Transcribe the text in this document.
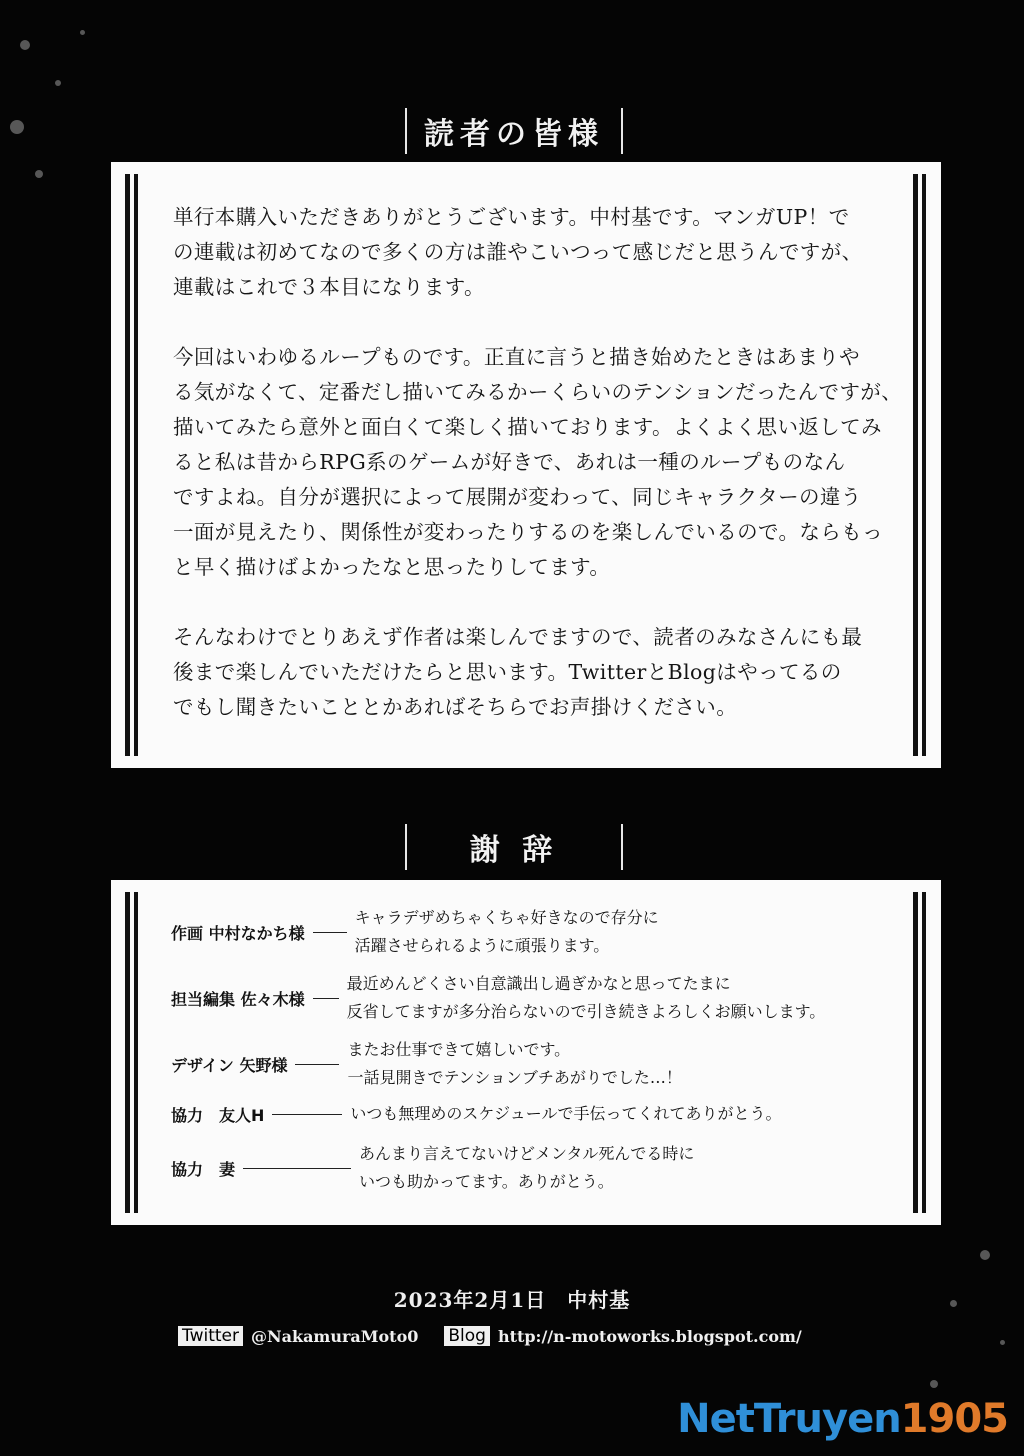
読者の皆様

単行本購入いただきありがとうございます。中村基です。マンガUP！で

の連載は初めてなので多くの方は誰やこいつって感じだと思うんですが、

連載はこれで３本目になります。

今回はいわゆるループものです。正直に言うと描き始めたときはあまりや

る気がなくて、定番だし描いてみるかーくらいのテンションだったんですが、

描いてみたら意外と面白くて楽しく描いております。よくよく思い返してみ

ると私は昔からRPG系のゲームが好きで、あれは一種のループものなん

ですよね。自分が選択によって展開が変わって、同じキャラクターの違う

一面が見えたり、関係性が変わったりするのを楽しんでいるので。ならもっ

と早く描けばよかったなと思ったりしてます。

そんなわけでとりあえず作者は楽しんでますので、読者のみなさんにも最

後まで楽しんでいただけたらと思います。TwitterとBlogはやってるの

でもし聞きたいこととかあればそちらでお声掛けください。

謝 辞
作画 中村なかち様
キャラデザめちゃくちゃ好きなので存分に
活躍させられるように頑張ります。
担当編集 佐々木様
最近めんどくさい自意識出し過ぎかなと思ってたまに
反省してますが多分治らないので引き続きよろしくお願いします。
デザイン 矢野様
またお仕事できて嬉しいです。
一話見開きでテンションブチあがりでした…！
協力　友人H	いつも無理めのスケジュールで手伝ってくれてありがとう。
協力　妻
あんまり言えてないけどメンタル死んでる時に
いつも助かってます。ありがとう。
2023年2月1日　中村基
Twitter @NakamuraMoto0 Blog http://n-motoworks.blogspot.com/
NetTruyen1905
